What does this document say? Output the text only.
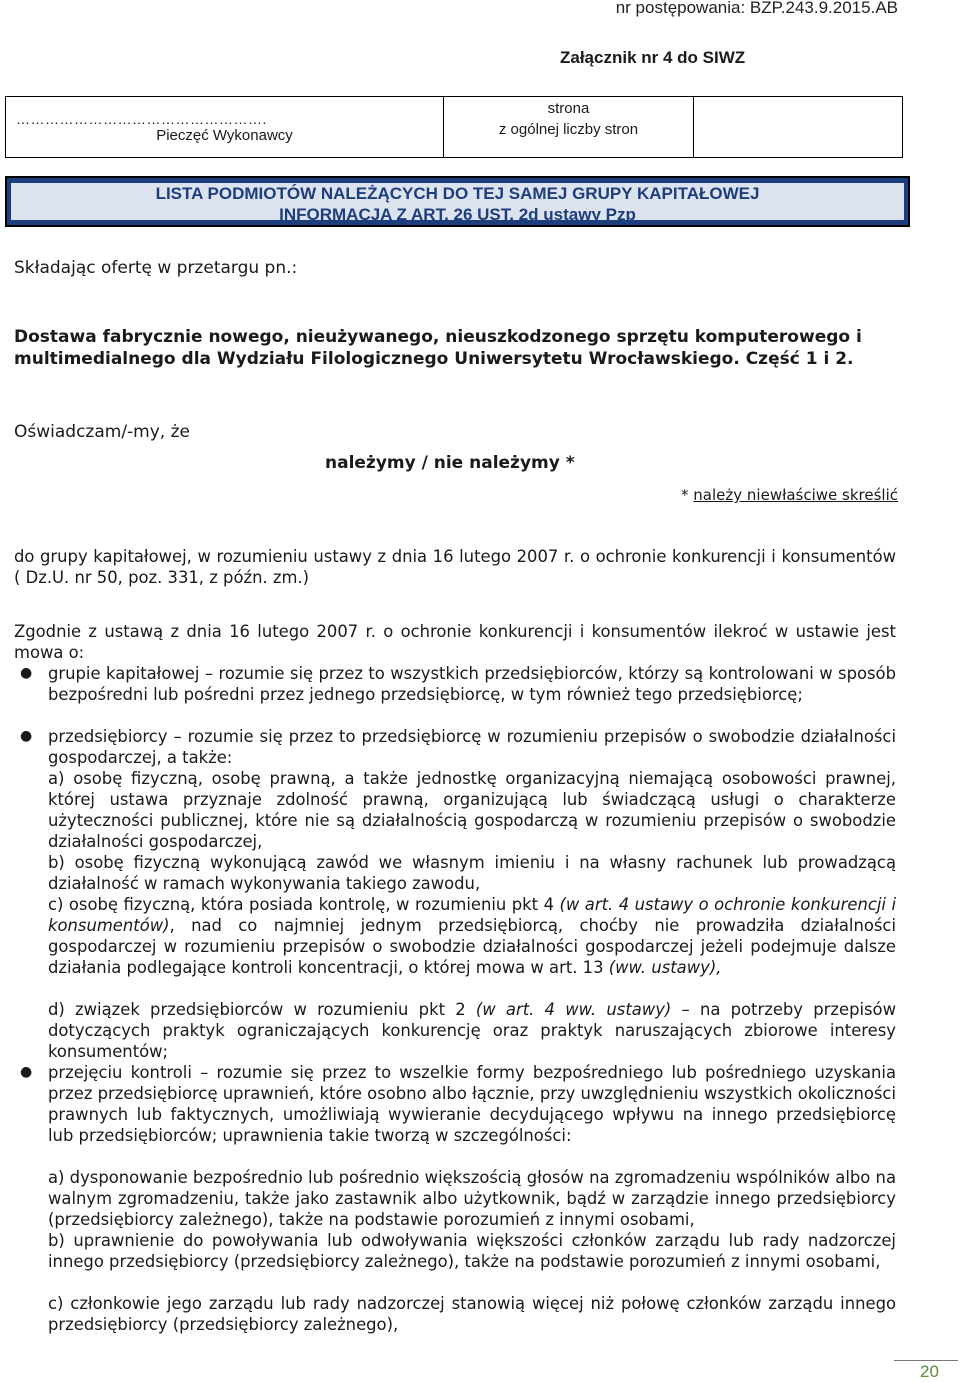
nr postępowania: BZP.243.9.2015.AB
Załącznik nr 4 do SIWZ
…………………………………………….
Pieczęć Wykonawcy
strona
z ogólnej liczby stron
LISTA PODMIOTÓW NALEŻĄCYCH DO TEJ SAMEJ GRUPY KAPITAŁOWEJ
INFORMACJA Z ART. 26 UST. 2d ustawy Pzp
Składając ofertę w przetargu pn.:
Dostawa fabrycznie nowego, nieużywanego, nieuszkodzonego sprzętu komputerowego i multimedialnego dla Wydziału Filologicznego Uniwersytetu Wrocławskiego. Część 1 i 2.
Oświadczam/-my, że
należymy / nie należymy *
* należy niewłaściwe skreślić
do grupy kapitałowej, w rozumieniu ustawy z dnia 16 lutego 2007 r. o ochronie konkurencji i konsumentów ( Dz.U. nr 50, poz. 331, z późn. zm.)
Zgodnie z ustawą z dnia 16 lutego 2007 r. o ochronie konkurencji i konsumentów ilekroć w ustawie jest mowa o:
● grupie kapitałowej – rozumie się przez to wszystkich przedsiębiorców, którzy są kontrolowani w sposób bezpośredni lub pośredni przez jednego przedsiębiorcę, w tym również tego przedsiębiorcę;
● przedsiębiorcy – rozumie się przez to przedsiębiorcę w rozumieniu przepisów o swobodzie działalności gospodarczej, a także:
a) osobę fizyczną, osobę prawną, a także jednostkę organizacyjną niemającą osobowości prawnej, której ustawa przyznaje zdolność prawną, organizującą lub świadczącą usługi o charakterze użyteczności publicznej, które nie są działalnością gospodarczą w rozumieniu przepisów o swobodzie działalności gospodarczej,
b) osobę fizyczną wykonującą zawód we własnym imieniu i na własny rachunek lub prowadzącą działalność w ramach wykonywania takiego zawodu,
c) osobę fizyczną, która posiada kontrolę, w rozumieniu pkt 4 (w art. 4 ustawy o ochronie konkurencji i konsumentów), nad co najmniej jednym przedsiębiorcą, choćby nie prowadziła działalności gospodarczej w rozumieniu przepisów o swobodzie działalności gospodarczej jeżeli podejmuje dalsze działania podlegające kontroli koncentracji, o której mowa w art. 13 (ww. ustawy),
d) związek przedsiębiorców w rozumieniu pkt 2 (w art. 4 ww. ustawy) – na potrzeby przepisów dotyczących praktyk ograniczających konkurencję oraz praktyk naruszających zbiorowe interesy konsumentów;
● przejęciu kontroli – rozumie się przez to wszelkie formy bezpośredniego lub pośredniego uzyskania przez przedsiębiorcę uprawnień, które osobno albo łącznie, przy uwzględnieniu wszystkich okoliczności prawnych lub faktycznych, umożliwiają wywieranie decydującego wpływu na innego przedsiębiorcę lub przedsiębiorców; uprawnienia takie tworzą w szczególności:
a) dysponowanie bezpośrednio lub pośrednio większością głosów na zgromadzeniu wspólników albo na walnym zgromadzeniu, także jako zastawnik albo użytkownik, bądź w zarządzie innego przedsiębiorcy (przedsiębiorcy zależnego), także na podstawie porozumień z innymi osobami,
b) uprawnienie do powoływania lub odwoływania większości członków zarządu lub rady nadzorczej innego przedsiębiorcy (przedsiębiorcy zależnego), także na podstawie porozumień z innymi osobami,
c) członkowie jego zarządu lub rady nadzorczej stanowią więcej niż połowę członków zarządu innego przedsiębiorcy (przedsiębiorcy zależnego),
20
